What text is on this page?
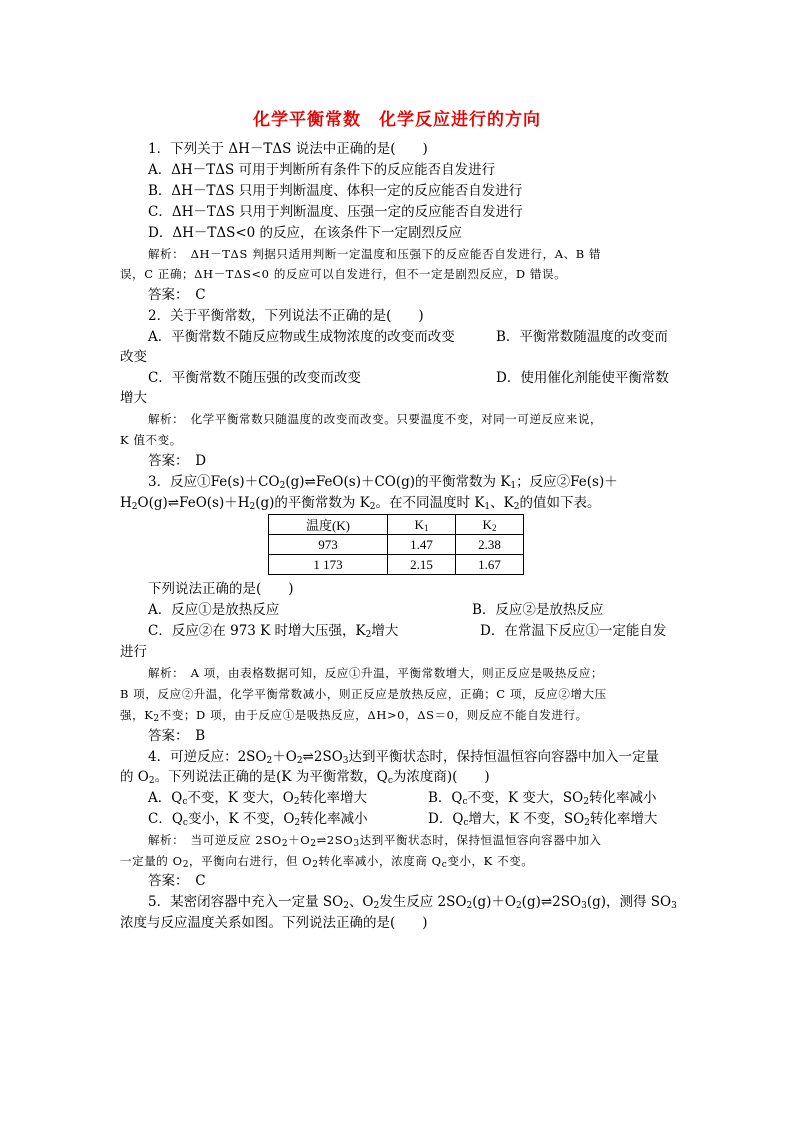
化学平衡常数　化学反应进行的方向
1．下列关于 ΔH－TΔS 说法中正确的是(　　)
A．ΔH－TΔS 可用于判断所有条件下的反应能否自发进行
B．ΔH－TΔS 只用于判断温度、体积一定的反应能否自发进行
C．ΔH－TΔS 只用于判断温度、压强一定的反应能否自发进行
D．ΔH－TΔS<0 的反应，在该条件下一定剧烈反应
解析：　ΔH－TΔS 判据只适用判断一定温度和压强下的反应能否自发进行，A、B 错
误，C 正确；ΔH－TΔS<0 的反应可以自发进行，但不一定是剧烈反应，D 错误。
答案：　C
2．关于平衡常数，下列说法不正确的是(　　)
A．平衡常数不随反应物或生成物浓度的改变而改变	B．平衡常数随温度的改变而
改变
C．平衡常数不随压强的改变而改变	D．使用催化剂能使平衡常数
增大
解析：　化学平衡常数只随温度的改变而改变。只要温度不变，对同一可逆反应来说，
K 值不变。
答案：　D
3．反应$①Fe(s)+CO_2(g)\rightleftharpoons FeO(s)+CO(g)$的平衡常数为 $K_1$；反应②Fe(s)＋
$H_2O(g)\rightleftharpoons FeO(s)+H_2(g)$的平衡常数为 $K_2$。在不同温度时 $K_1$、$K_2$的值如下表。
温度(K)	$K_1$	$K_2$
973	1.47	2.38
1 173	2.15	1.67
下列说法正确的是(　　)
A．反应①是放热反应	B．反应②是放热反应
C．反应②在 973 K 时增大压强，$K_2$增大	D．在常温下反应①一定能自发
进行
解析：　A 项，由表格数据可知，反应①升温，平衡常数增大，则正反应是吸热反应；
B 项，反应②升温，化学平衡常数减小，则正反应是放热反应，正确；C 项，反应②增大压
强，$K_2$不变；D 项，由于反应①是吸热反应，ΔH>0，ΔS＝0，则反应不能自发进行。
答案：　B
4．可逆反应：$2SO_2+O_2\rightleftharpoons 2SO_3$达到平衡状态时，保持恒温恒容向容器中加入一定量
的 $O_2$。下列说法正确的是(K 为平衡常数，$Q_c$为浓度商)(　　)
A．$Q_c$不变，K 变大，$O_2$转化率增大	B．$Q_c$不变，K 变大，$SO_2$转化率减小
C．$Q_c$变小，K 不变，$O_2$转化率减小	D．$Q_c$增大，K 不变，$SO_2$转化率增大
解析：　当可逆反应 $2SO_2+O_2\rightleftharpoons 2SO_3$达到平衡状态时，保持恒温恒容向容器中加入
一定量的 $O_2$，平衡向右进行，但 $O_2$转化率减小，浓度商 $Q_c$变小，K 不变。
答案：　C
5．某密闭容器中充入一定量 $SO_2$、$O_2$发生反应 $2SO_2(g)+O_2(g)\rightleftharpoons 2SO_3(g)$，测得 $SO_3$
浓度与反应温度关系如图。下列说法正确的是(　　)
